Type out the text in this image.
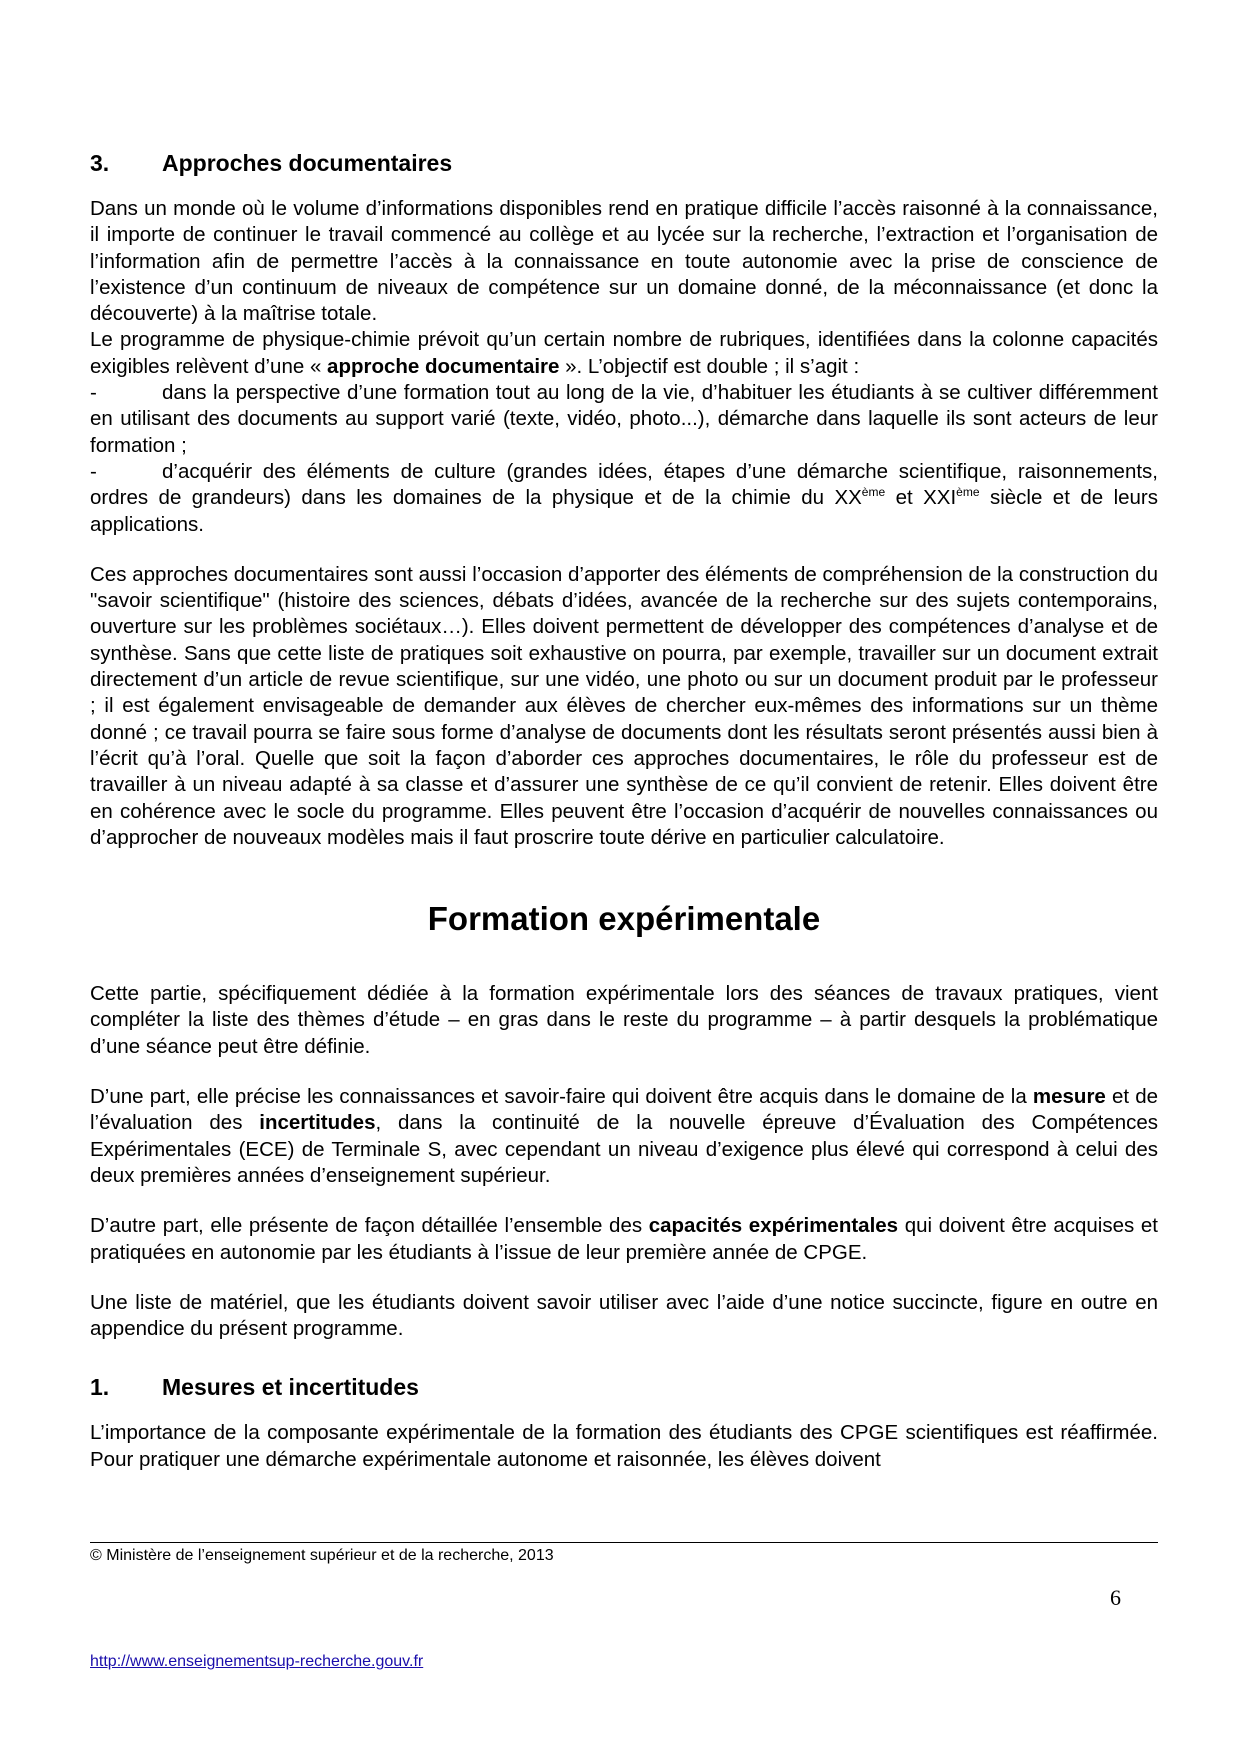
3.	Approches documentaires

Dans un monde où le volume d’informations disponibles rend en pratique difficile l’accès raisonné à la connaissance, il importe de continuer le travail commencé au collège et au lycée sur la recherche, l’extraction et l’organisation de l’information afin de permettre l’accès à la connaissance en toute autonomie avec la prise de conscience de l’existence d’un continuum de niveaux de compétence sur un domaine donné, de la méconnaissance (et donc la découverte) à la maîtrise totale.

Le programme de physique-chimie prévoit qu’un certain nombre de rubriques, identifiées dans la colonne capacités exigibles relèvent d’une « approche documentaire ». L’objectif est double ; il s’agit :

-	dans la perspective d’une formation tout au long de la vie, d’habituer les étudiants à se cultiver différemment en utilisant des documents au support varié (texte, vidéo, photo...), démarche dans laquelle ils sont acteurs de leur formation ;

-	d’acquérir des éléments de culture (grandes idées, étapes d’une démarche scientifique, raisonnements, ordres de grandeurs) dans les domaines de la physique et de la chimie du XXème et XXIème siècle et de leurs applications.

Ces approches documentaires sont aussi l’occasion d’apporter des éléments de compréhension de la construction du "savoir scientifique" (histoire des sciences, débats d’idées, avancée de la recherche sur des sujets contemporains, ouverture sur les problèmes sociétaux…). Elles doivent permettent de développer des compétences d’analyse et de synthèse. Sans que cette liste de pratiques soit exhaustive on pourra, par exemple, travailler sur un document extrait directement d’un article de revue scientifique, sur une vidéo, une photo ou sur un document produit par le professeur ; il est également envisageable de demander aux élèves de chercher eux-mêmes des informations sur un thème donné ; ce travail pourra se faire sous forme d’analyse de documents dont les résultats seront présentés aussi bien à l’écrit qu’à l’oral. Quelle que soit la façon d’aborder ces approches documentaires, le rôle du professeur est de travailler à un niveau adapté à sa classe et d’assurer une synthèse de ce qu’il convient de retenir. Elles doivent être en cohérence avec le socle du programme. Elles peuvent être l’occasion d’acquérir de nouvelles connaissances ou d’approcher de nouveaux modèles mais il faut proscrire toute dérive en particulier calculatoire.

Formation expérimentale

Cette partie, spécifiquement dédiée à la formation expérimentale lors des séances de travaux pratiques, vient compléter la liste des thèmes d’étude – en gras dans le reste du programme – à partir desquels la problématique d’une séance peut être définie.

D’une part, elle précise les connaissances et savoir-faire qui doivent être acquis dans le domaine de la mesure et de l’évaluation des incertitudes, dans la continuité de la nouvelle épreuve d’Évaluation des Compétences Expérimentales (ECE) de Terminale S, avec cependant un niveau d’exigence plus élevé qui correspond à celui des deux premières années d’enseignement supérieur.

D’autre part, elle présente de façon détaillée l’ensemble des capacités expérimentales qui doivent être acquises et pratiquées en autonomie par les étudiants à l’issue de leur première année de CPGE.

Une liste de matériel, que les étudiants doivent savoir utiliser avec l’aide d’une notice succincte, figure en outre en appendice du présent programme.

1.	Mesures et incertitudes

L’importance de la composante expérimentale de la formation des étudiants des CPGE scientifiques est réaffirmée. Pour pratiquer une démarche expérimentale autonome et raisonnée, les élèves doivent

© Ministère de l’enseignement supérieur et de la recherche, 2013
6
http://www.enseignementsup-recherche.gouv.fr
